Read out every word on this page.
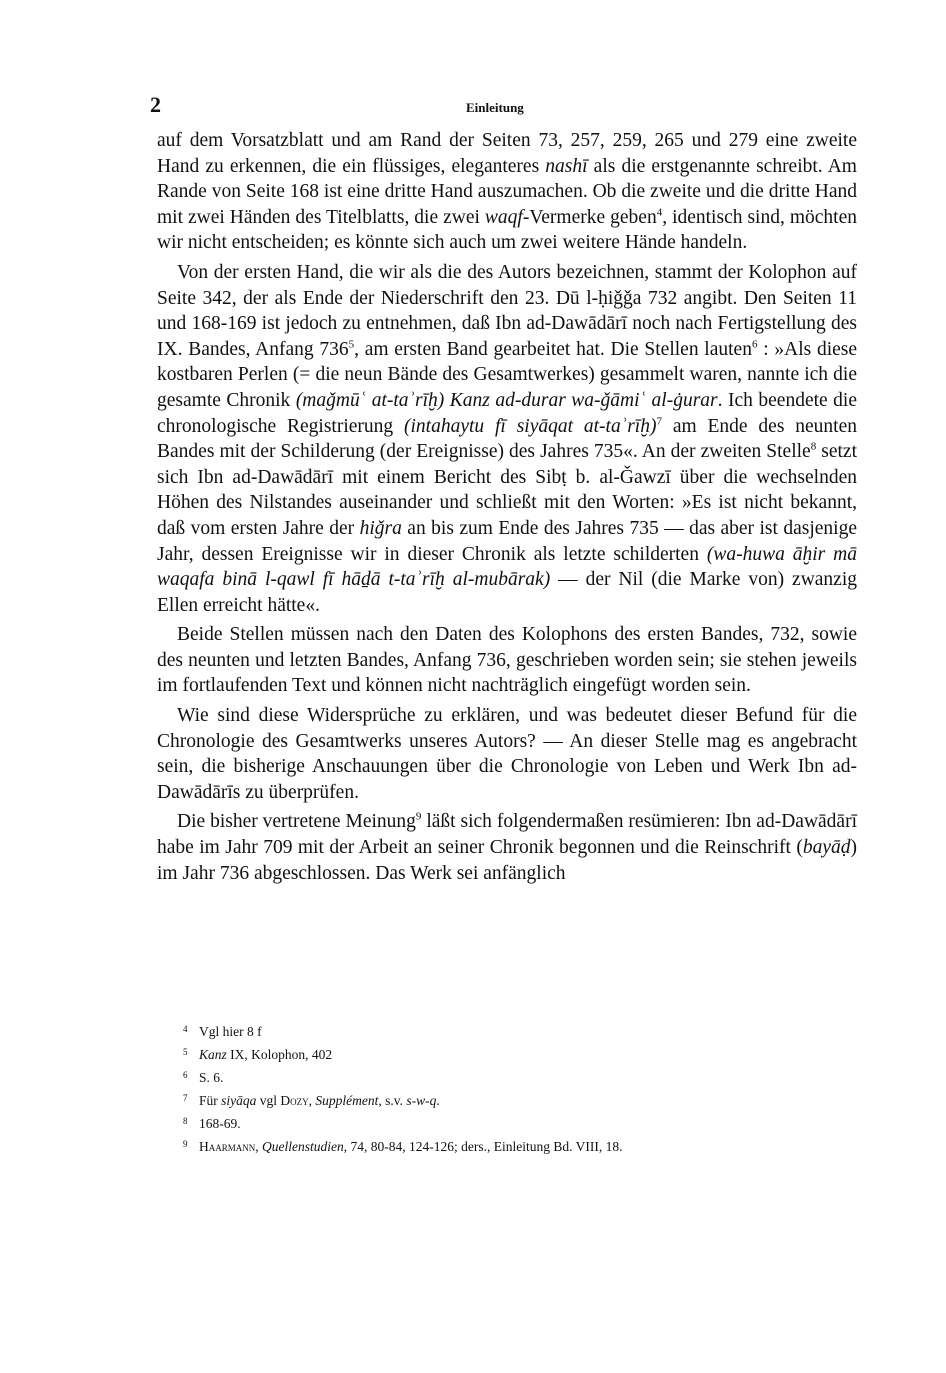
2	Einleitung

auf dem Vorsatzblatt und am Rand der Seiten 73, 257, 259, 265 und 279 eine zweite Hand zu erkennen, die ein flüssiges, eleganteres nashī als die erstgenannte schreibt. Am Rande von Seite 168 ist eine dritte Hand auszumachen. Ob die zweite und die dritte Hand mit zwei Händen des Titelblatts, die zwei waqf-Vermerke geben$^4$, identisch sind, möchten wir nicht entscheiden; es könnte sich auch um zwei weitere Hände handeln.

Von der ersten Hand, die wir als die des Autors bezeichnen, stammt der Kolophon auf Seite 342, der als Ende der Niederschrift den 23. Dū l-ḥiǧǧa 732 angibt. Den Seiten 11 und 168-169 ist jedoch zu entnehmen, daß Ibn ad-Dawādārī noch nach Fertigstellung des IX. Bandes, Anfang $736^5$, am ersten Band gearbeitet hat. Die Stellen lauten$^6$ : »Als diese kostbaren Perlen (= die neun Bände des Gesamtwerkes) gesammelt waren, nannte ich die gesamte Chronik (maǧmūʿ at-taʾrīḫ) Kanz ad-durar wa-ǧāmiʿ al-ġurar. Ich beendete die chronologische Registrierung (intahaytu fī siyāqat at-taʾrīḫ)$^7$ am Ende des neunten Bandes mit der Schilderung (der Ereignisse) des Jahres 735«. An der zweiten Stelle$^8$ setzt sich Ibn ad-Dawādārī mit einem Bericht des Sibṭ b. al-Ǧawzī über die wechselnden Höhen des Nilstandes auseinander und schließt mit den Worten: »Es ist nicht bekannt, daß vom ersten Jahre der hiǧra an bis zum Ende des Jahres 735 — das aber ist dasjenige Jahr, dessen Ereignisse wir in dieser Chronik als letzte schilderten (wa-huwa āḫir mā waqafa binā l-qawl fī hāḏā t-taʾrīḫ al-mubārak) — der Nil (die Marke von) zwanzig Ellen erreicht hätte«.

Beide Stellen müssen nach den Daten des Kolophons des ersten Bandes, 732, sowie des neunten und letzten Bandes, Anfang 736, geschrieben worden sein; sie stehen jeweils im fortlaufenden Text und können nicht nachträglich eingefügt worden sein.

Wie sind diese Widersprüche zu erklären, und was bedeutet dieser Befund für die Chronologie des Gesamtwerks unseres Autors? — An dieser Stelle mag es angebracht sein, die bisherige Anschauungen über die Chronologie von Leben und Werk Ibn ad-Dawādārīs zu überprüfen.

Die bisher vertretene Meinung$^9$ läßt sich folgendermaßen resümieren: Ibn ad-Dawādārī habe im Jahr 709 mit der Arbeit an seiner Chronik begonnen und die Reinschrift (bayāḍ) im Jahr 736 abgeschlossen. Das Werk sei anfänglich

4 Vgl hier 8 f
5 Kanz IX, Kolophon, 402
6 S. 6.
7 Für siyāqa vgl Dozy, Supplément, s.v. s-w-q.
8 168-69.
9 Haarmann, Quellenstudien, 74, 80-84, 124-126; ders., Einleitung Bd. VIII, 18.
